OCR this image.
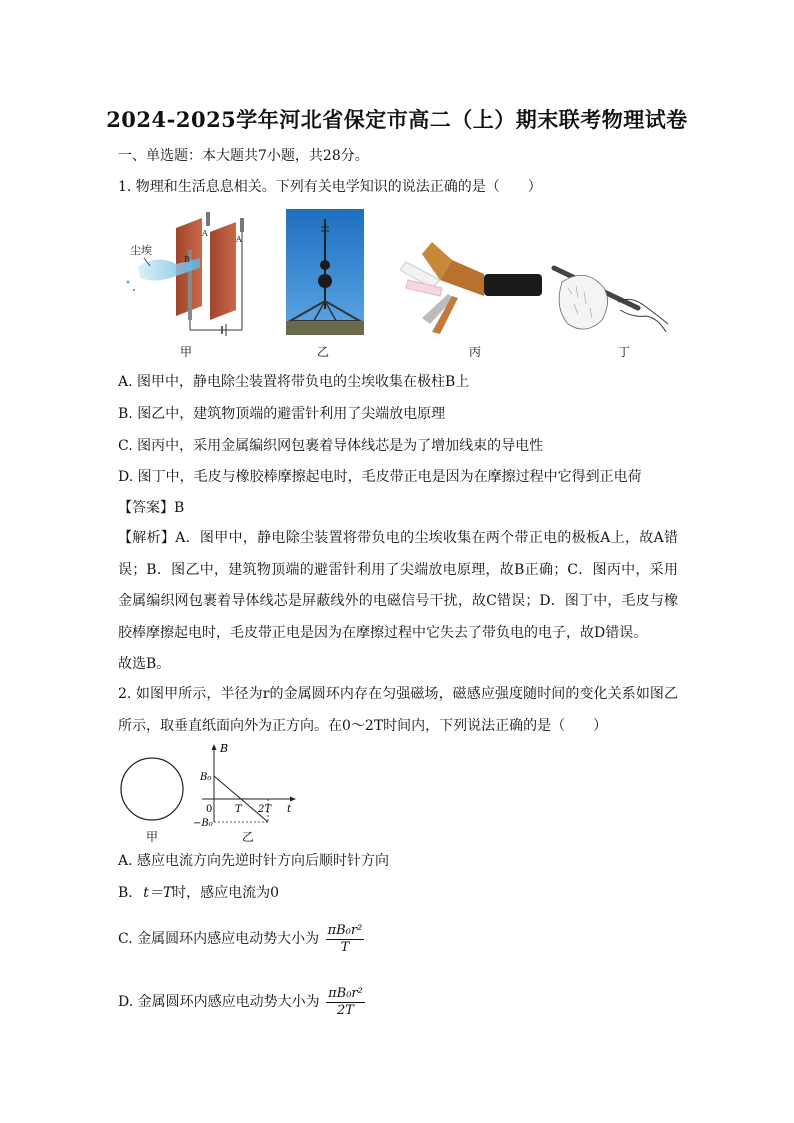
2024-2025学年河北省保定市高二（上）期末联考物理试卷
一、单选题：本大题共7小题，共28分。
1. 物理和生活息息相关。下列有关电学知识的说法正确的是（　　）
尘埃
A
A
B
甲	乙	丙	丁
A. 图甲中，静电除尘装置将带负电的尘埃收集在极柱B上
B. 图乙中，建筑物顶端的避雷针利用了尖端放电原理
C. 图丙中，采用金属编织网包裹着导体线芯是为了增加线束的导电性
D. 图丁中，毛皮与橡胶棒摩擦起电时，毛皮带正电是因为在摩擦过程中它得到正电荷
【答案】B
【解析】A．图甲中，静电除尘装置将带负电的尘埃收集在两个带正电的极板A上，故A错误；B．图乙中，建筑物顶端的避雷针利用了尖端放电原理，故B正确；C．图丙中，采用金属编织网包裹着导体线芯是屏蔽线外的电磁信号干扰，故C错误；D．图丁中，毛皮与橡胶棒摩擦起电时，毛皮带正电是因为在摩擦过程中它失去了带负电的电子，故D错误。
故选B。
2. 如图甲所示，半径为r的金属圆环内存在匀强磁场，磁感应强度随时间的变化关系如图乙所示，取垂直纸面向外为正方向。在0～2T时间内，下列说法正确的是（　　）
甲
B
B₀
0 T 2T t
−B₀
乙
A. 感应电流方向先逆时针方向后顺时针方向
B. t＝T时，感应电流为0
C. 金属圆环内感应电动势大小为 $\frac{\text{πB₀r²}}{T}$
D. 金属圆环内感应电动势大小为 $\frac{\text{πB₀r²}}{2T}$
